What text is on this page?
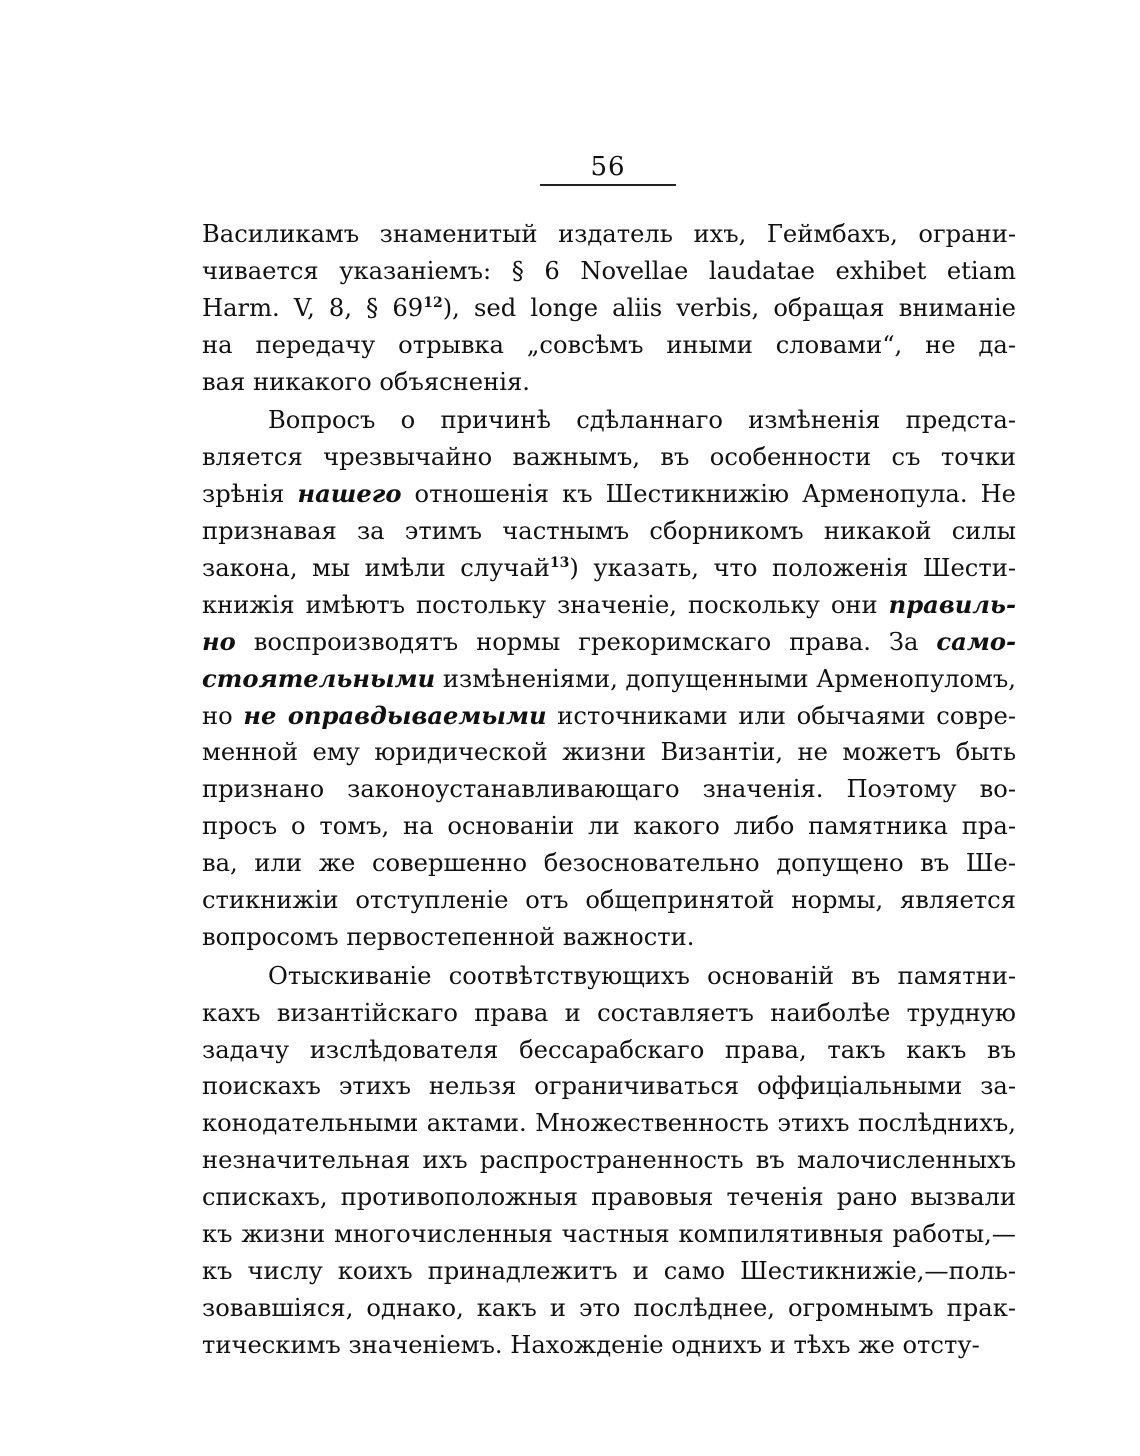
56
Василикамъ знаменитый издатель ихъ, Геймбахъ, ограни-
чивается указаніемъ: § 6 Novellae laudatae exhibet etiam
Harm. V, 8, § $69^{12}$), sed longe aliis verbis, обращая вниманіе
на передачу отрывка „совсѣмъ иными словами“, не да-
вая никакого объясненія.
Вопросъ о причинѣ сдѣланнаго измѣненія предста-
вляется чрезвычайно важнымъ, въ особенности съ точки
зрѣнія нашего отношенія къ Шестикнижію Арменопула. Не
признавая за этимъ частнымъ сборникомъ никакой силы
закона, мы имѣли случай$^{13}$) указать, что положенія Шести-
книжія имѣютъ постольку значеніе, поскольку они правиль-
но воспроизводятъ нормы грекоримскаго права. За само-
стоятельными измѣненіями, допущенными Арменопуломъ,
но не оправдываемыми источниками или обычаями совре-
менной ему юридической жизни Византіи, не можетъ быть
признано законоустанавливающаго значенія. Поэтому во-
просъ о томъ, на основаніи ли какого либо памятника пра-
ва, или же совершенно безосновательно допущено въ Ше-
стикнижіи отступленіе отъ общепринятой нормы, является
вопросомъ первостепенной важности.
Отыскиваніе соотвѣтствующихъ основаній въ памятни-
кахъ византійскаго права и составляетъ наиболѣе трудную
задачу изслѣдователя бессарабскаго права, такъ какъ въ
поискахъ этихъ нельзя ограничиваться оффиціальными за-
конодательными актами. Множественность этихъ послѣднихъ,
незначительная ихъ распространенность въ малочисленныхъ
спискахъ, противоположныя правовыя теченія рано вызвали
къ жизни многочисленныя частныя компилятивныя работы,—
къ числу коихъ принадлежитъ и само Шестикнижіе,—поль-
зовавшіяся, однако, какъ и это послѣднее, огромнымъ прак-
тическимъ значеніемъ. Нахожденіе однихъ и тѣхъ же отсту-
